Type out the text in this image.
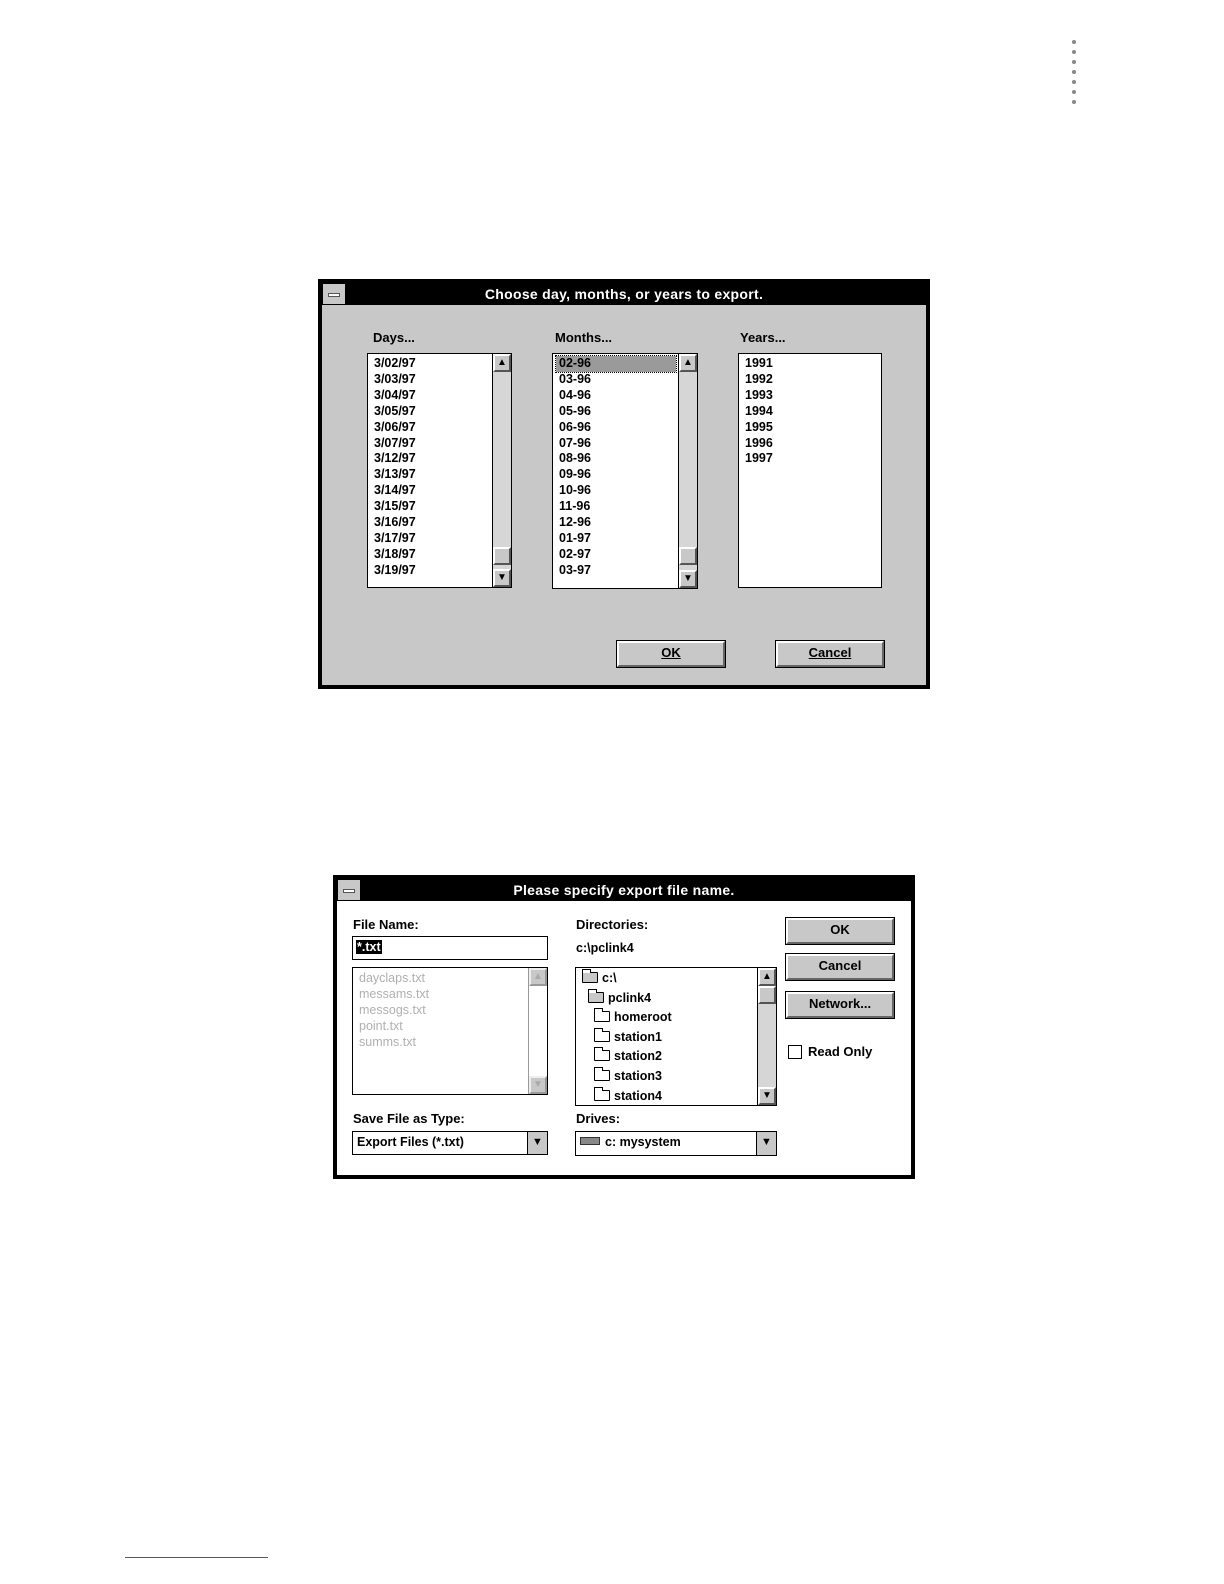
Choose day, months, or years to export.
Days...	Months...	Years...
3/02/97
3/03/97
3/04/97
3/05/97
3/06/97
3/07/97
3/12/97
3/13/97
3/14/97
3/15/97
3/16/97
3/17/97
3/18/97
3/19/97
▲
▼
02-96
03-96
04-96
05-96
06-96
07-96
08-96
09-96
10-96
11-96
12-96
01-97
02-97
03-97
▲
▼
1991
1992
1993
1994
1995
1996
1997
OK	Cancel
Please specify export file name.
File Name:
*.txt
dayclaps.txt
messams.txt
messogs.txt
point.txt
summs.txt
▲
▼
Save File as Type:
Export Files (*.txt)	▼
Directories:
c:\pclink4
c:\
pclink4
homeroot
station1
station2
station3
station4
▲
▼
Drives:
c: mysystem	▼
OK
Cancel
Network...
Read Only
